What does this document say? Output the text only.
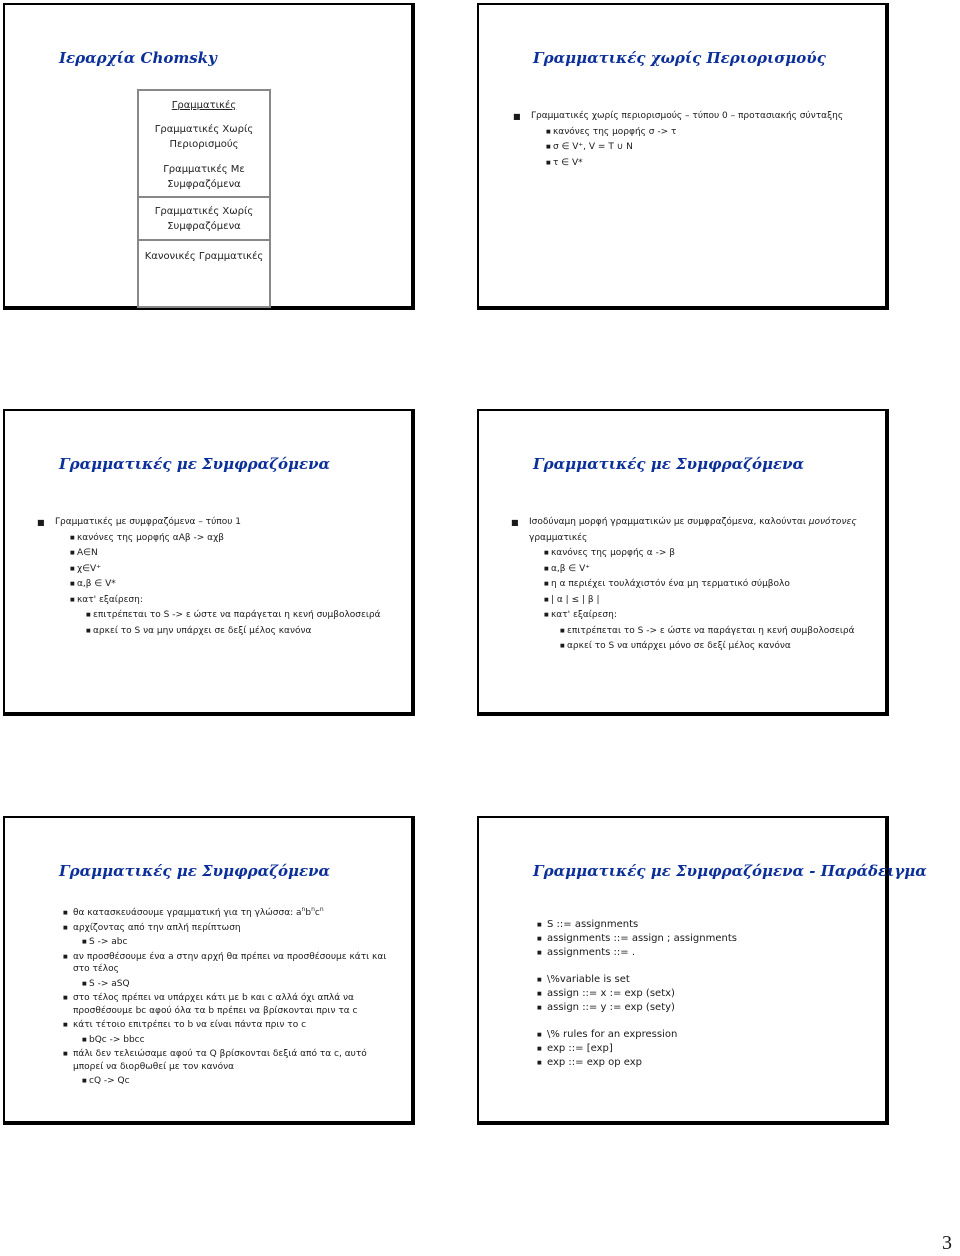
Ιεραρχία Chomsky
Γραμματικές
Γραμματικές Χωρίς Περιορισμούς
Γραμματικές Με Συμφραζόμενα
Γραμματικές Χωρίς Συμφραζόμενα
Κανονικές Γραμματικές
Γραμματικές χωρίς Περιορισμούς
■ Γραμματικές χωρίς περιορισμούς – τύπου 0 – προτασιακής σύνταξης
■ κανόνες της μορφής σ -> τ
■ σ ∈ V⁺, V = T ∪ N
■ τ ∈ V*
Γραμματικές με Συμφραζόμενα
■ Γραμματικές με συμφραζόμενα – τύπου 1
■ κανόνες της μορφής αΑβ -> αχβ
■ Α∈Ν
■ χ∈V⁺
■ α,β ∈ V*
■ κατ' εξαίρεση:
■ επιτρέπεται το S -> ε ώστε να παράγεται η κενή συμβολοσειρά
■ αρκεί το S να μην υπάρχει σε δεξί μέλος κανόνα
Γραμματικές με Συμφραζόμενα
■ Ισοδύναμη μορφή γραμματικών με συμφραζόμενα, καλούνται μονότονες
γραμματικές
■ κανόνες της μορφής α -> β
■ α,β ∈ V⁺
■ η α περιέχει τουλάχιστόν ένα μη τερματικό σύμβολο
■ | α | ≤ | β |
■ κατ' εξαίρεση:
■ επιτρέπεται το S -> ε ώστε να παράγεται η κενή συμβολοσειρά
■ αρκεί το S να υπάρχει μόνο σε δεξί μέλος κανόνα
Γραμματικές με Συμφραζόμενα
■ θα κατασκευάσουμε γραμματική για τη γλώσσα: $a^nb^nc^n$
■ αρχίζοντας από την απλή περίπτωση
■ S -> abc
■ αν προσθέσουμε ένα a στην αρχή θα πρέπει να προσθέσουμε κάτι και στο τέλος
■ S -> aSQ
■ στο τέλος πρέπει να υπάρχει κάτι με b και c αλλά όχι απλά να προσθέσουμε bc αφού όλα τα b πρέπει να βρίσκονται πριν τα c
■ κάτι τέτοιο επιτρέπει το b να είναι πάντα πριν το c
■ bQc -> bbcc
■ πάλι δεν τελειώσαμε αφού τα Q βρίσκονται δεξιά από τα c, αυτό μπορεί να διορθωθεί με τον κανόνα
■ cQ -> Qc
Γραμματικές με Συμφραζόμενα - Παράδειγμα
■ S ::= assignments
■ assignments ::= assign ; assignments
■ assignments ::= .
■ \%variable is set
■ assign ::= x := exp (setx)
■ assign ::= y := exp (sety)
■ \% rules for an expression
■ exp ::= [exp]
■ exp ::= exp op exp
3
